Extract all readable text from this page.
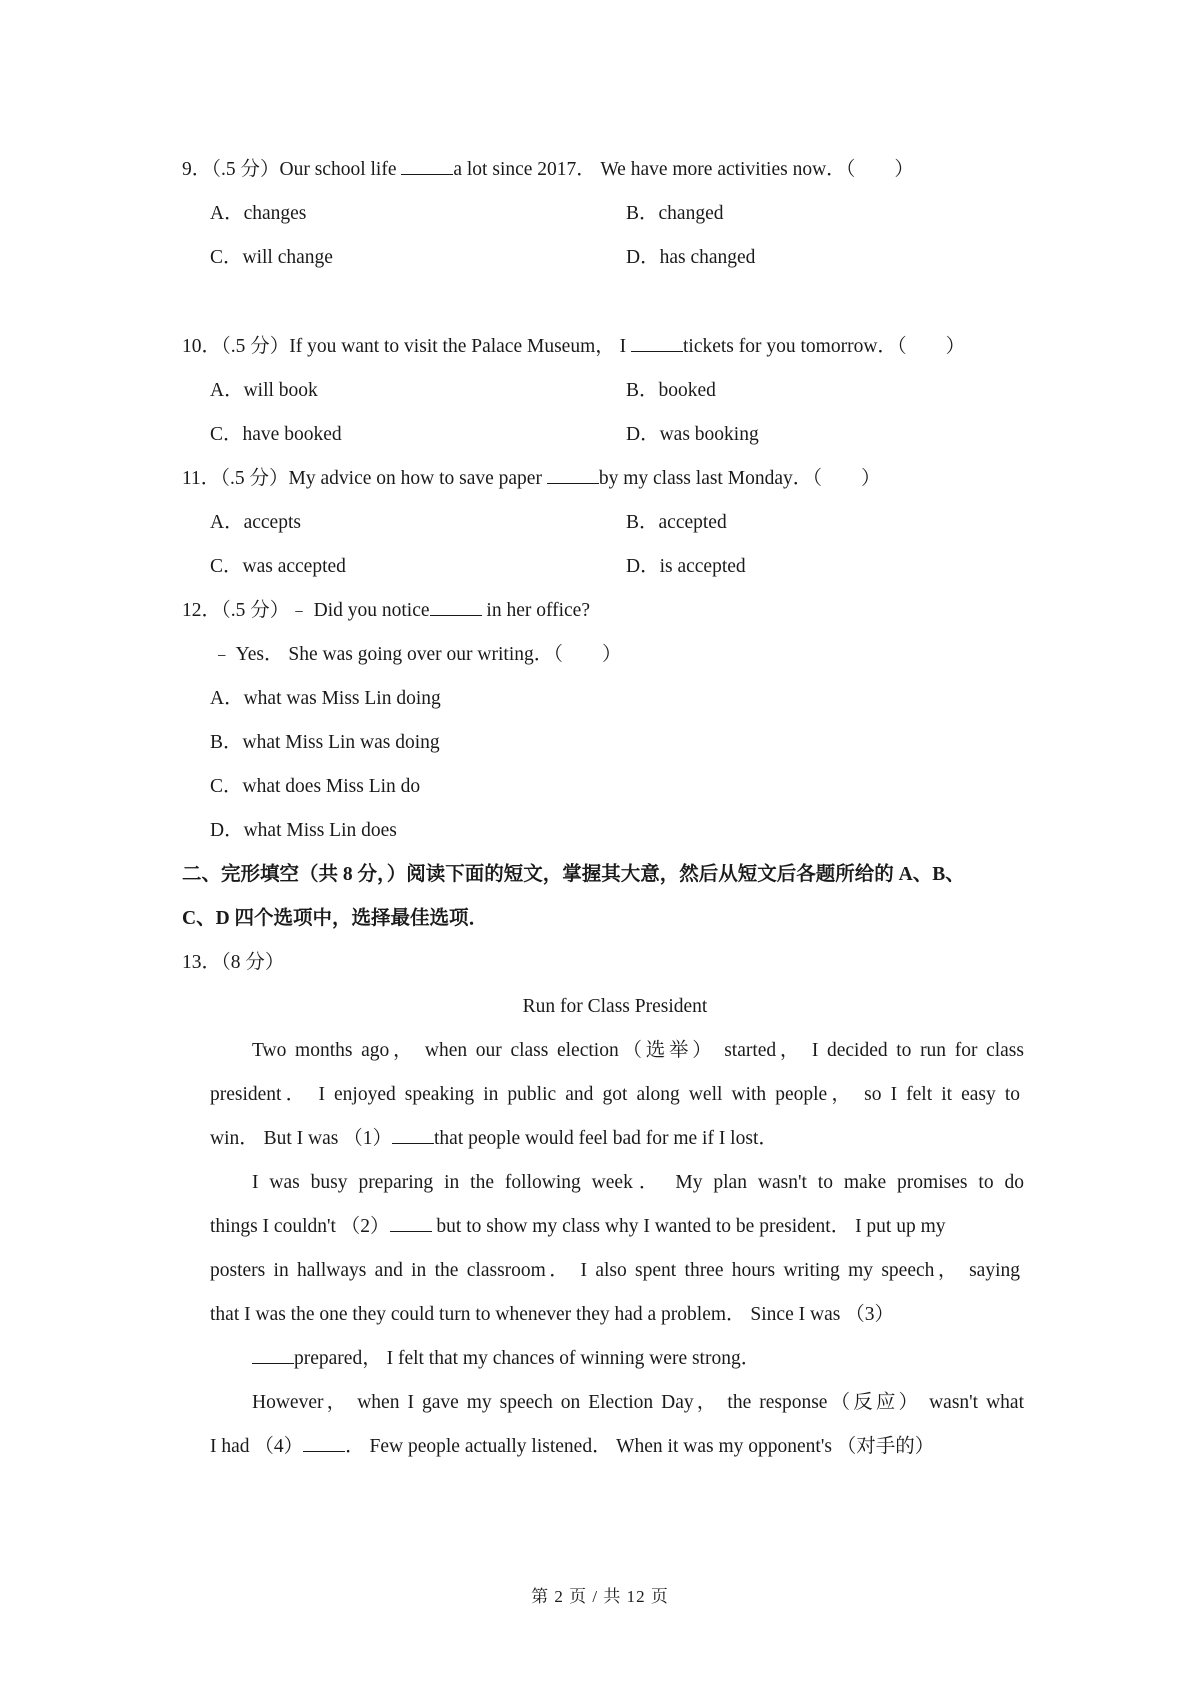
9．（.5 分）Our school life	a lot since 2017． We have more activities now．（　　）
A．changes	B．changed
C．will change	D．has changed
10．（.5 分）If you want to visit the Palace Museum， I	tickets for you tomorrow．（　　）
A．will book	B．booked
C．have booked	D．was booking
11．（.5 分）My advice on how to save paper	by my class last Monday．（　　）
A．accepts	B．accepted
C．was accepted	D．is accepted
12．（.5 分）﹣ Did you notice	in her office?
﹣ Yes． She was going over our writing．（　　）
A．what was Miss Lin doing
B．what Miss Lin was doing
C．what does Miss Lin do
D．what Miss Lin does
二、完形填空（共 8 分，）阅读下面的短文，掌握其大意，然后从短文后各题所给的 A、B、
C、D 四个选项中，选择最佳选项．
13．（8 分）
Run for Class President
Two months ago， when our class election（选举） started， I decided to run for class
president． I enjoyed speaking in public and got along well with people， so I felt it easy to
win． But I was （1） that people would feel bad for me if I lost．
I was busy preparing in the following week． My plan wasn't to make promises to do
things I couldn't （2） but to show my class why I wanted to be president． I put up my
posters in hallways and in the classroom． I also spent three hours writing my speech， saying
that I was the one they could turn to whenever they had a problem． Since I was （3）
prepared， I felt that my chances of winning were strong．
However， when I gave my speech on Election Day， the response（反应） wasn't what
I had （4） ． Few people actually listened． When it was my opponent's （对手的）
第 2 页 / 共 12 页
